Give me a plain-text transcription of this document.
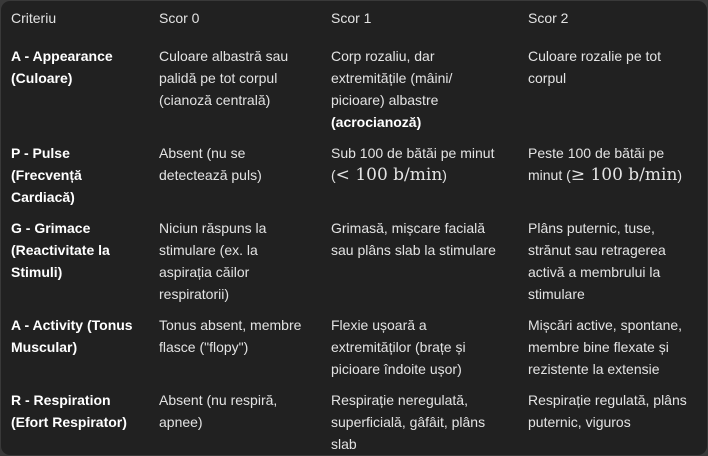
Criteriu	Scor 0	Scor 1	Scor 2
A - Appearance (Culoare)	Culoare albastră sau palidă pe tot corpul (cianoză centrală)	Corp rozaliu, dar extremitățile (mâini/​picioare) albastre (acrocianoză)	Culoare rozalie pe tot corpul
P - Pulse (Frecvență Cardiacă)	Absent (nu se detectează puls)	Sub 100 de bătăi pe minut (< 100 b/min)	Peste 100 de bătăi pe minut (≥ 100 b/min)
G - Grimace (Reactivitate la Stimuli)	Niciun răspuns la stimulare (ex. la aspirația căilor respiratorii)	Grimasă, mișcare facială sau plâns slab la stimulare	Plâns puternic, tuse, strănut sau retragerea activă a membrului la stimulare
A - Activity (Tonus Muscular)	Tonus absent, membre flasce ("flopy")	Flexie ușoară a extremităților (brațe și picioare îndoite ușor)	Mișcări active, spontane, membre bine flexate și rezistente la extensie
R - Respiration (Efort Respirator)	Absent (nu respiră, apnee)	Respirație neregulată, superficială, gâfâit, plâns slab	Respirație regulată, plâns puternic, viguros
